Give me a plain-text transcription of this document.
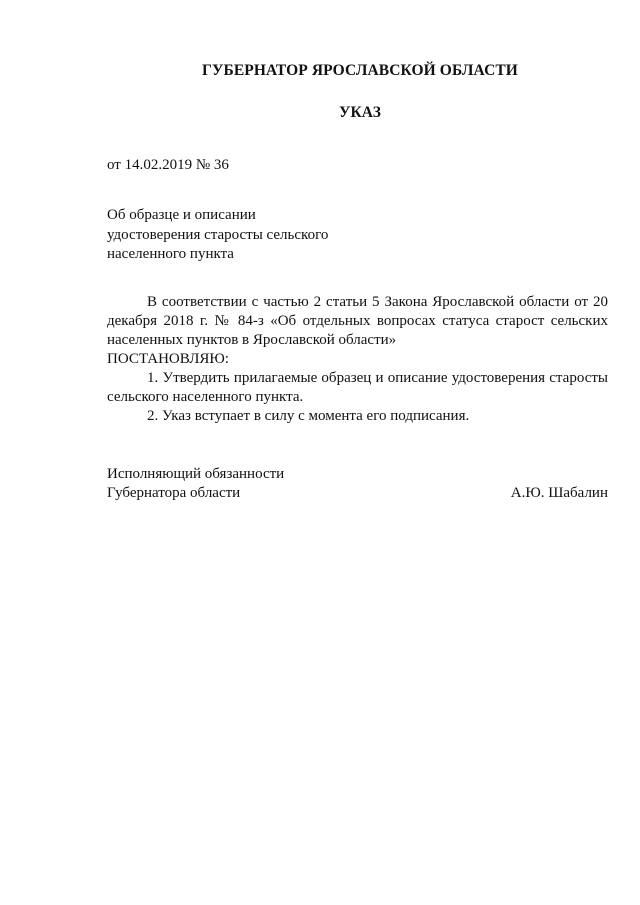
ГУБЕРНАТОР ЯРОСЛАВСКОЙ ОБЛАСТИ
УКАЗ
от 14.02.2019 № 36
Об образце и описании
удостоверения старосты сельского
населенного пункта

В соответствии с частью 2 статьи 5 Закона Ярославской области от 20 декабря 2018 г. № 84-з «Об отдельных вопросах статуса старост сельских населенных пунктов в Ярославской области»

ПОСТАНОВЛЯЮ:

1. Утвердить прилагаемые образец и описание удостоверения старосты сельского населенного пункта.

2. Указ вступает в силу с момента его подписания.

Исполняющий обязанности
Губернатора области	А.Ю. Шабалин
